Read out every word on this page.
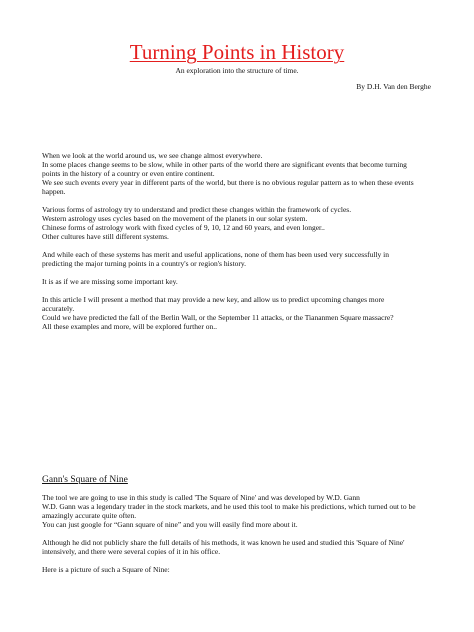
Turning Points in History
An exploration into the structure of time.
By D.H. Van den Berghe

When we look at the world around us, we see change almost everywhere.
In some places change seems to be slow, while in other parts of the world there are significant events that become turning
points in the history of a country or even entire continent.
We see such events every year in different parts of the world, but there is no obvious regular pattern as to when these events
happen.

Various forms of astrology try to understand and predict these changes within the framework of cycles.
Western astrology uses cycles based on the movement of the planets in our solar system.
Chinese forms of astrology work with fixed cycles of 9, 10, 12 and 60 years, and even longer..
Other cultures have still different systems.

And while each of these systems has merit and useful applications, none of them has been used very successfully in
predicting the major turning points in a country's or region's history.

It is as if we are missing some important key.

In this article I will present a method that may provide a new key, and allow us to predict upcoming changes more
accurately.
Could we have predicted the fall of the Berlin Wall, or the September 11 attacks, or the Tiananmen Square massacre?
All these examples and more, will be explored further on..

Gann's Square of Nine

The tool we are going to use in this study is called 'The Square of Nine' and was developed by W.D. Gann
W.D. Gann was a legendary trader in the stock markets, and he used this tool to make his predictions, which turned out to be
amazingly accurate quite often.
You can just google for “Gann square of nine” and you will easily find more about it.

Although he did not publicly share the full details of his methods, it was known he used and studied this 'Square of Nine'
intensively, and there were several copies of it in his office.

Here is a picture of such a Square of Nine:
